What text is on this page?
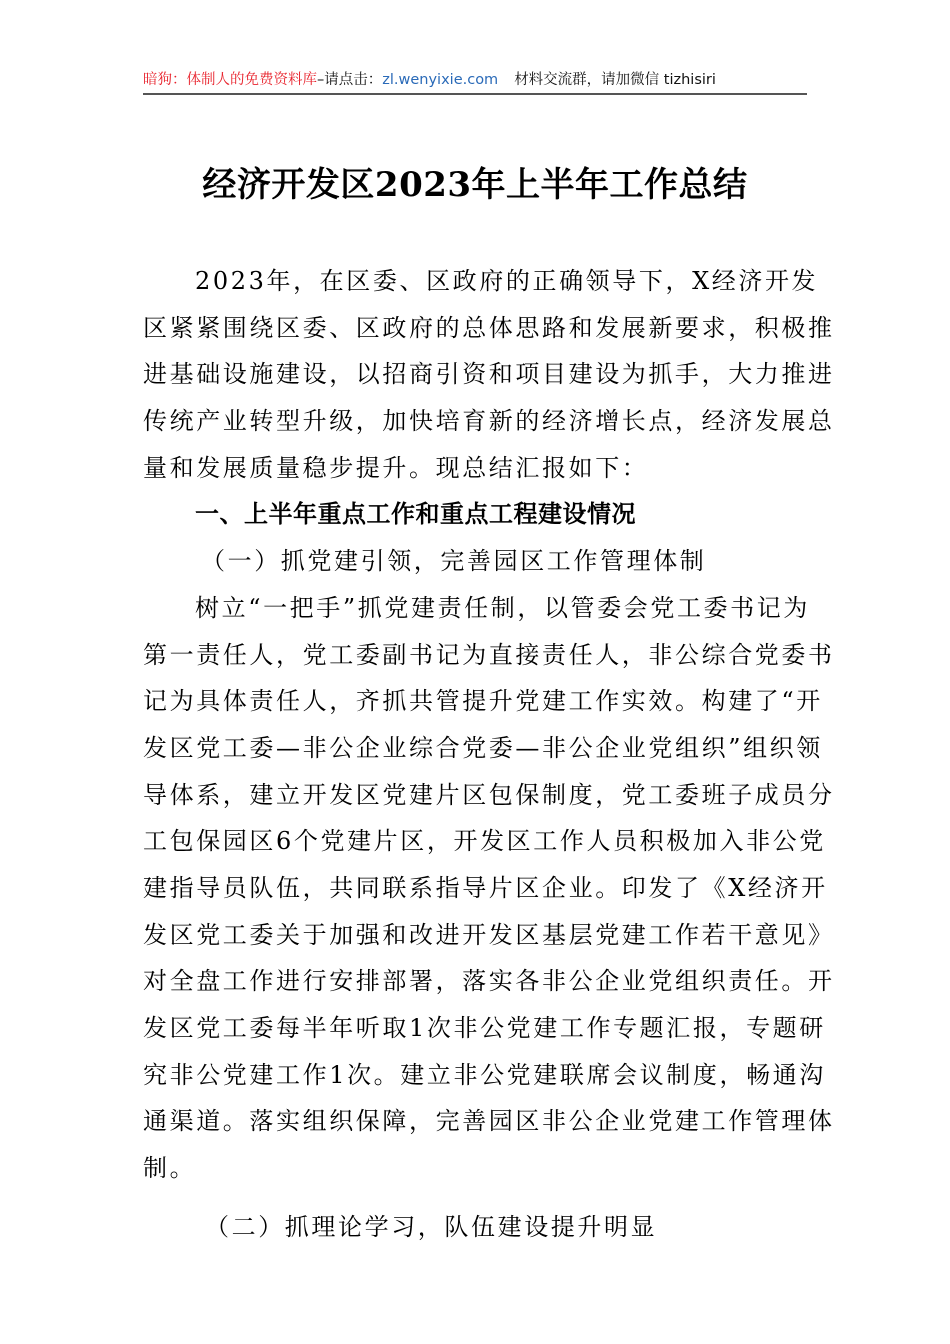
暗狗：体制人的免费资料库–请点击：zl.wenyixie.com 材料交流群，请加微信 tizhisiri
经济开发区2023年上半年工作总结
2023年，在区委、区政府的正确领导下，X经济开发
区紧紧围绕区委、区政府的总体思路和发展新要求，积极推
进基础设施建设，以招商引资和项目建设为抓手，大力推进
传统产业转型升级，加快培育新的经济增长点，经济发展总
量和发展质量稳步提升。现总结汇报如下：
一、上半年重点工作和重点工程建设情况
（一）抓党建引领，完善园区工作管理体制
树立“一把手”抓党建责任制，以管委会党工委书记为
第一责任人，党工委副书记为直接责任人，非公综合党委书
记为具体责任人，齐抓共管提升党建工作实效。构建了“开
发区党工委—非公企业综合党委—非公企业党组织”组织领
导体系，建立开发区党建片区包保制度，党工委班子成员分
工包保园区6个党建片区，开发区工作人员积极加入非公党
建指导员队伍，共同联系指导片区企业。印发了《X经济开
发区党工委关于加强和改进开发区基层党建工作若干意见》
对全盘工作进行安排部署，落实各非公企业党组织责任。开
发区党工委每半年听取1次非公党建工作专题汇报，专题研
究非公党建工作1次。建立非公党建联席会议制度，畅通沟
通渠道。落实组织保障，完善园区非公企业党建工作管理体
制。
（二）抓理论学习，队伍建设提升明显
